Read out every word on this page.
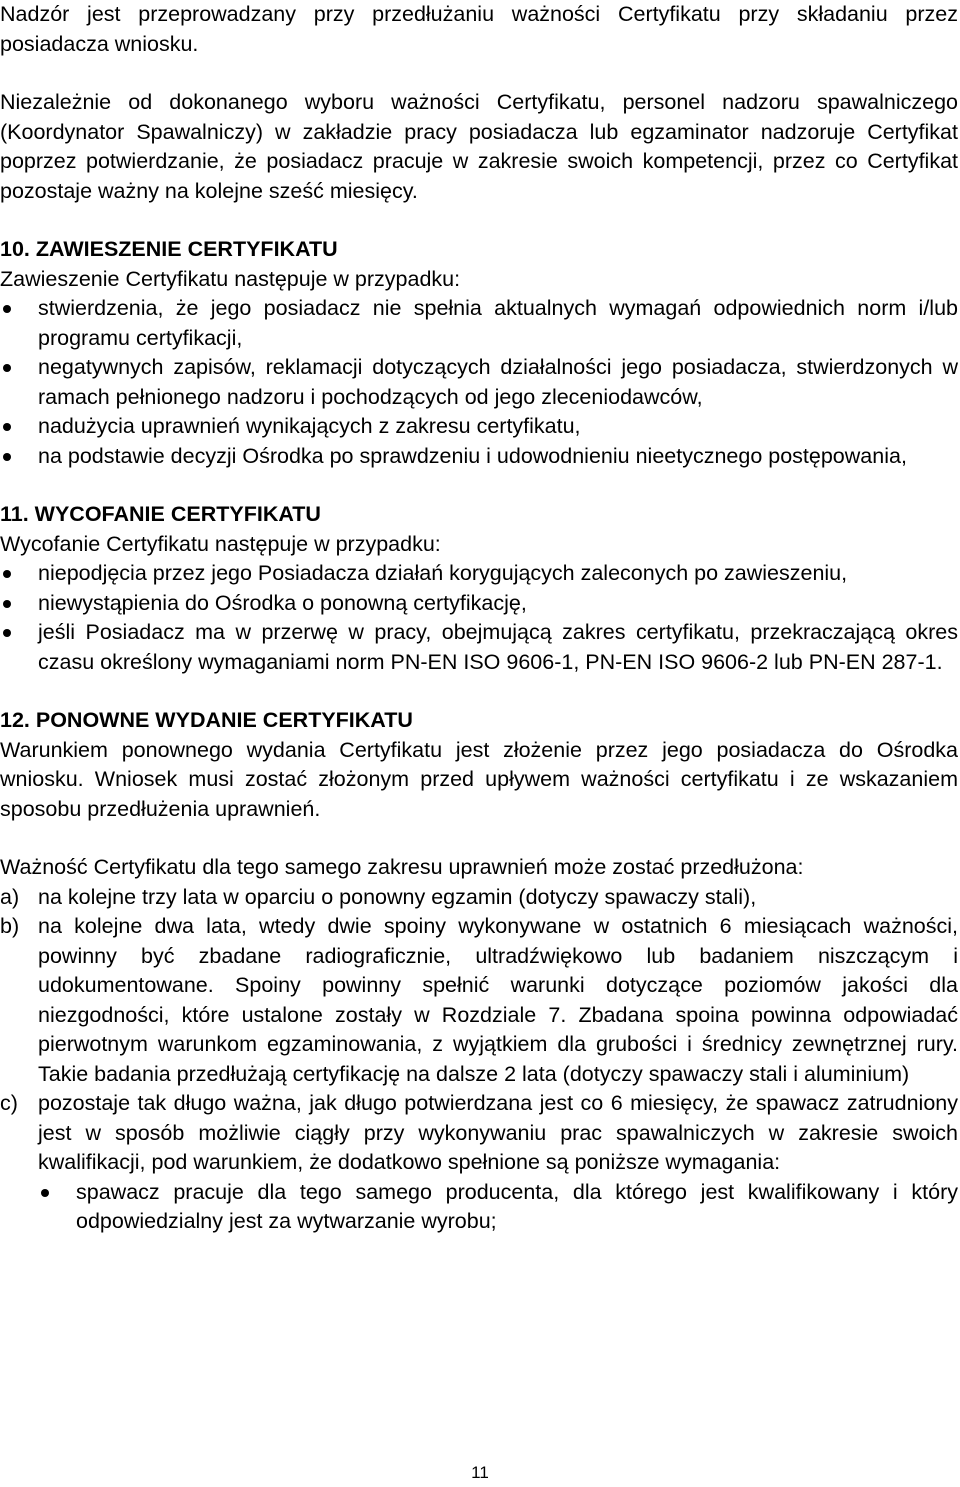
Nadzór jest przeprowadzany przy przedłużaniu ważności Certyfikatu przy składaniu przez posiadacza wniosku.

Niezależnie od dokonanego wyboru ważności Certyfikatu, personel nadzoru spawalniczego (Koordynator Spawalniczy) w zakładzie pracy posiadacza lub egzaminator nadzoruje Certyfikat poprzez potwierdzanie, że posiadacz pracuje w zakresie swoich kompetencji, przez co Certyfikat pozostaje ważny na kolejne sześć miesięcy.

10. ZAWIESZENIE CERTYFIKATU

Zawieszenie Certyfikatu następuje w przypadku:

stwierdzenia, że jego posiadacz nie spełnia aktualnych wymagań odpowiednich norm i/lub programu certyfikacji,
negatywnych zapisów, reklamacji dotyczących działalności jego posiadacza, stwierdzonych w ramach pełnionego nadzoru i pochodzących od jego zleceniodawców,
nadużycia uprawnień wynikających z zakresu certyfikatu,
na podstawie decyzji Ośrodka po sprawdzeniu i udowodnieniu nieetycznego postępowania,
11. WYCOFANIE CERTYFIKATU

Wycofanie Certyfikatu następuje w przypadku:

niepodjęcia przez jego Posiadacza działań korygujących zaleconych po zawieszeniu,
niewystąpienia do Ośrodka o ponowną certyfikację,
jeśli Posiadacz ma w przerwę w pracy, obejmującą zakres certyfikatu, przekraczającą okres czasu określony wymaganiami norm PN-EN ISO 9606-1, PN-EN ISO 9606-2 lub PN-EN 287-1.
12. PONOWNE WYDANIE CERTYFIKATU

Warunkiem ponownego wydania Certyfikatu jest złożenie przez jego posiadacza do Ośrodka wniosku. Wniosek musi zostać złożonym przed upływem ważności certyfikatu i ze wskazaniem sposobu przedłużenia uprawnień.

Ważność Certyfikatu dla tego samego zakresu uprawnień może zostać przedłużona:

a) na kolejne trzy lata w oparciu o ponowny egzamin (dotyczy spawaczy stali),
b) na kolejne dwa lata, wtedy dwie spoiny wykonywane w ostatnich 6 miesiącach ważności, powinny być zbadane radiograficznie, ultradźwiękowo lub badaniem niszczącym i udokumentowane. Spoiny powinny spełnić warunki dotyczące poziomów jakości dla niezgodności, które ustalone zostały w Rozdziale 7. Zbadana spoina powinna odpowiadać pierwotnym warunkom egzaminowania, z wyjątkiem dla grubości i średnicy zewnętrznej rury. Takie badania przedłużają certyfikację na dalsze 2 lata (dotyczy spawaczy stali i aluminium)
c) pozostaje tak długo ważna, jak długo potwierdzana jest co 6 miesięcy, że spawacz zatrudniony jest w sposób możliwie ciągły przy wykonywaniu prac spawalniczych w zakresie swoich kwalifikacji, pod warunkiem, że dodatkowo spełnione są poniższe wymagania:
spawacz pracuje dla tego samego producenta, dla którego jest kwalifikowany i który odpowiedzialny jest za wytwarzanie wyrobu;
11
